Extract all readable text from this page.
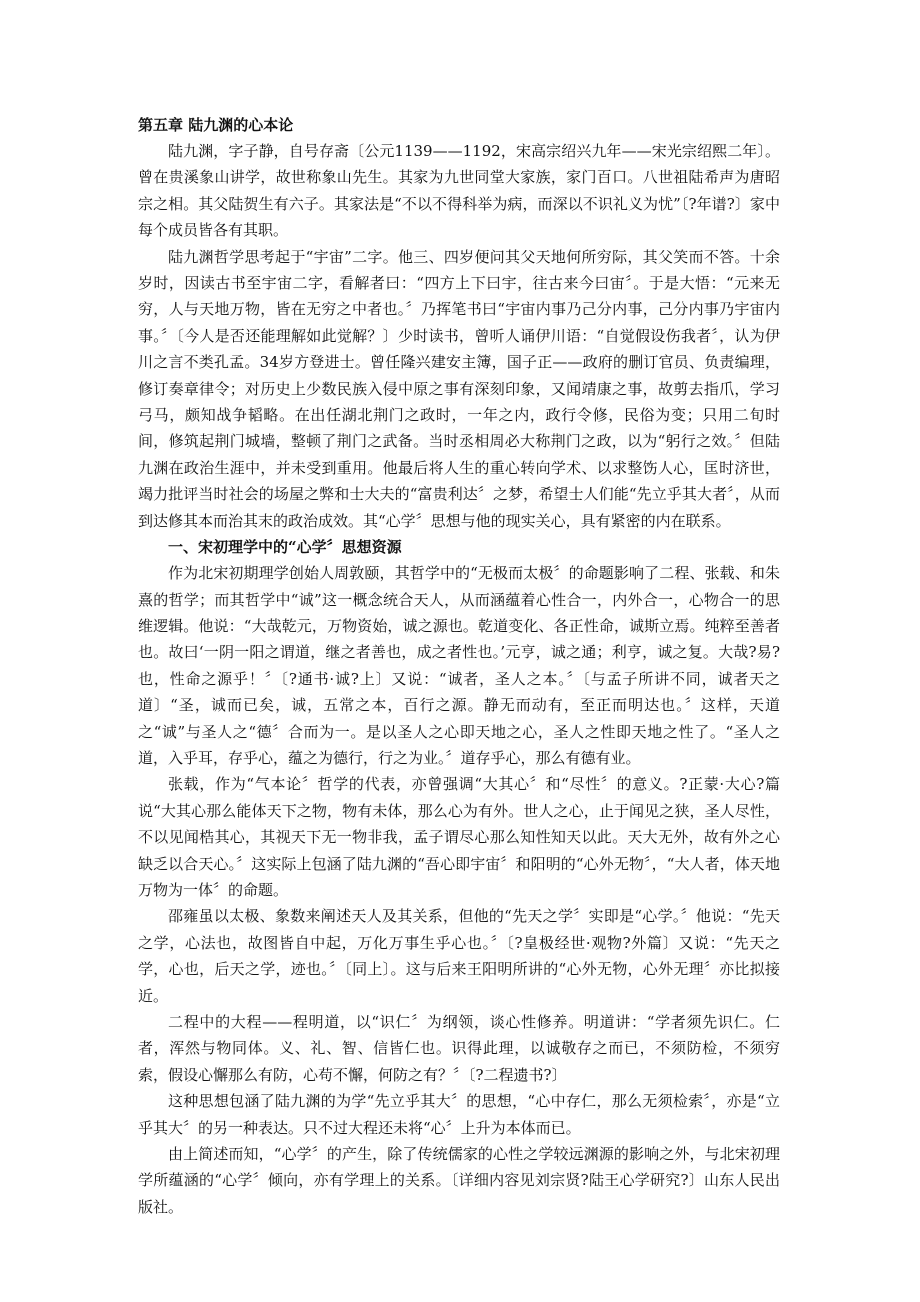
第五章 陆九渊的心本论

陆九渊，字子静，自号存斋〔公元1139——1192，宋高宗绍兴九年——宋光宗绍熙二年〕。曾在贵溪象山讲学，故世称象山先生。其家为九世同堂大家族，家门百口。八世祖陆希声为唐昭宗之相。其父陆贺生有六子。其家法是“不以不得科举为病，而深以不识礼义为忧”〔?年谱?〕家中每个成员皆各有其职。

陆九渊哲学思考起于“宇宙”二字。他三、四岁便问其父天地何所穷际，其父笑而不答。十余岁时，因读古书至宇宙二字，看解者曰：“四方上下曰宇，往古来今曰宙〞。于是大悟：“元来无穷，人与天地万物，皆在无穷之中者也。〞乃挥笔书曰“宇宙内事乃己分内事，己分内事乃宇宙内事。〞〔今人是否还能理解如此觉解？〕少时读书，曾听人诵伊川语：“自觉假设伤我者〞，认为伊川之言不类孔孟。34岁方登进士。曾任隆兴建安主簿，国子正——政府的删订官员、负责编理，修订奏章律令；对历史上少数民族入侵中原之事有深刻印象，又闻靖康之事，故剪去指爪，学习弓马，颇知战争韬略。在出任湖北荆门之政时，一年之内，政行令修，民俗为变；只用二旬时间，修筑起荆门城墙，整顿了荆门之武备。当时丞相周必大称荆门之政，以为“躬行之效。〞但陆九渊在政治生涯中，并未受到重用。他最后将人生的重心转向学术、以求整饬人心，匡时济世，竭力批评当时社会的场屋之弊和士大夫的“富贵利达〞之梦，希望士人们能“先立乎其大者〞，从而到达修其本而治其末的政治成效。其“心学〞思想与他的现实关心，具有紧密的内在联系。

一、宋初理学中的“心学〞思想资源

作为北宋初期理学创始人周敦颐，其哲学中的“无极而太极〞的命题影响了二程、张载、和朱熹的哲学；而其哲学中“诚”这一概念统合天人，从而涵蕴着心性合一，内外合一，心物合一的思维逻辑。他说：“大哉乾元，万物资始，诚之源也。乾道变化、各正性命，诚斯立焉。纯粹至善者也。故曰‘一阴一阳之谓道，继之者善也，成之者性也。’元亨，诚之通；利亨，诚之复。大哉?易?也，性命之源乎！〞〔?通书·诚?上〕又说：“诚者，圣人之本。〞〔与孟子所讲不同，诚者天之道〕“圣，诚而已矣，诚，五常之本，百行之源。静无而动有，至正而明达也。〞这样，天道之“诚”与圣人之“德〞合而为一。是以圣人之心即天地之心，圣人之性即天地之性了。“圣人之道，入乎耳，存乎心，蕴之为德行，行之为业。〞道存乎心，那么有德有业。

张载，作为“气本论〞哲学的代表，亦曾强调“大其心〞和“尽性〞的意义。?正蒙·大心?篇说“大其心那么能体天下之物，物有未体，那么心为有外。世人之心，止于闻见之狭，圣人尽性，不以见闻梏其心，其视天下无一物非我，孟子谓尽心那么知性知天以此。天大无外，故有外之心缺乏以合天心。〞这实际上包涵了陆九渊的“吾心即宇宙〞和阳明的“心外无物〞，“大人者，体天地万物为一体〞的命题。

邵雍虽以太极、象数来阐述天人及其关系，但他的“先天之学〞实即是“心学。〞他说：“先天之学，心法也，故图皆自中起，万化万事生乎心也。〞〔?皇极经世·观物?外篇〕又说：“先天之学，心也，后天之学，迹也。〞〔同上〕。这与后来王阳明所讲的“心外无物，心外无理〞亦比拟接近。

二程中的大程——程明道，以“识仁〞为纲领，谈心性修养。明道讲：“学者须先识仁。仁者，浑然与物同体。义、礼、智、信皆仁也。识得此理，以诚敬存之而已，不须防检，不须穷索，假设心懈那么有防，心苟不懈，何防之有？〞〔?二程遗书?〕

这种思想包涵了陆九渊的为学“先立乎其大〞的思想，“心中存仁，那么无须检索〞，亦是“立乎其大〞的另一种表达。只不过大程还未将“心〞上升为本体而已。

由上简述而知，“心学〞的产生，除了传统儒家的心性之学较远渊源的影响之外，与北宋初理学所蕴涵的“心学〞倾向，亦有学理上的关系。〔详细内容见刘宗贤?陆王心学研究?〕山东人民出版社。
